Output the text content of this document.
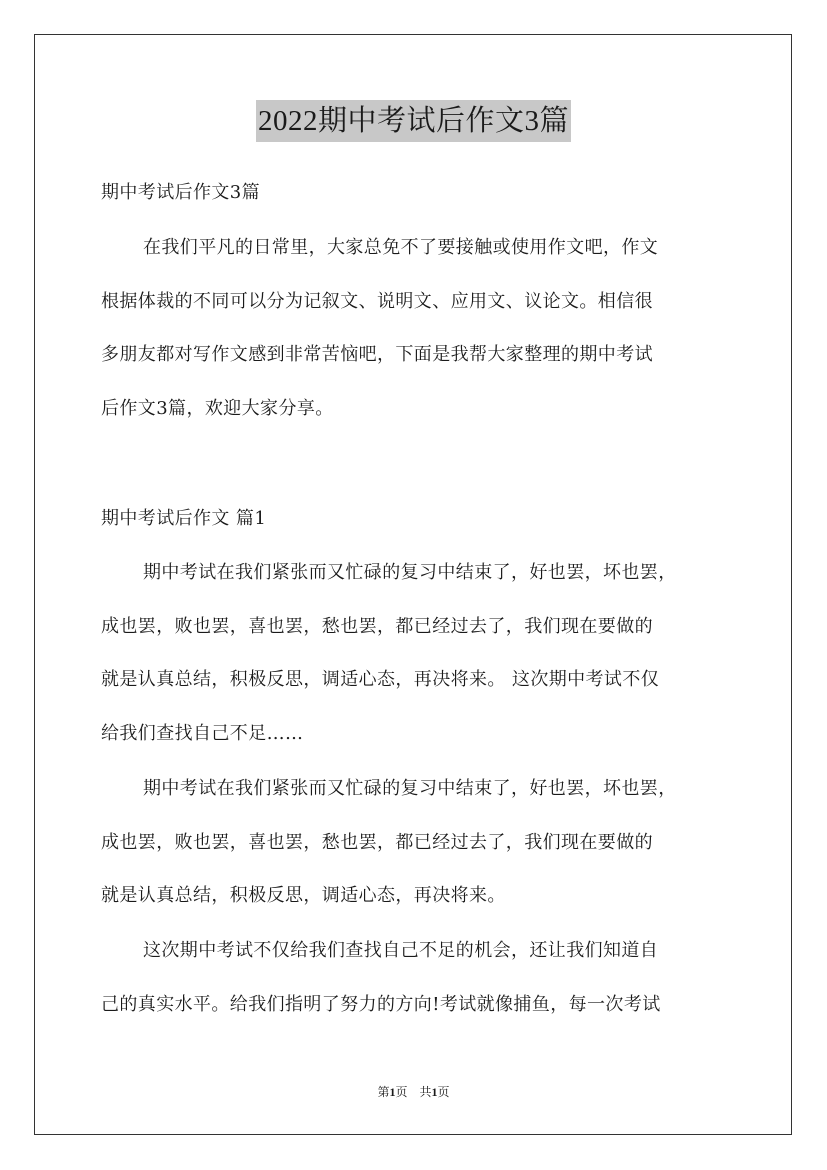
2022期中考试后作文3篇
期中考试后作文3篇
在我们平凡的日常里，大家总免不了要接触或使用作文吧，作文
根据体裁的不同可以分为记叙文、说明文、应用文、议论文。相信很
多朋友都对写作文感到非常苦恼吧，下面是我帮大家整理的期中考试
后作文3篇，欢迎大家分享。
期中考试后作文 篇1
期中考试在我们紧张而又忙碌的复习中结束了，好也罢，坏也罢，
成也罢，败也罢，喜也罢，愁也罢，都已经过去了，我们现在要做的
就是认真总结，积极反思，调适心态，再决将来。 这次期中考试不仅
给我们查找自己不足……
期中考试在我们紧张而又忙碌的复习中结束了，好也罢，坏也罢，
成也罢，败也罢，喜也罢，愁也罢，都已经过去了，我们现在要做的
就是认真总结，积极反思，调适心态，再决将来。
这次期中考试不仅给我们查找自己不足的机会，还让我们知道自
己的真实水平。给我们指明了努力的方向!考试就像捕鱼，每一次考试
第1页　共1页
